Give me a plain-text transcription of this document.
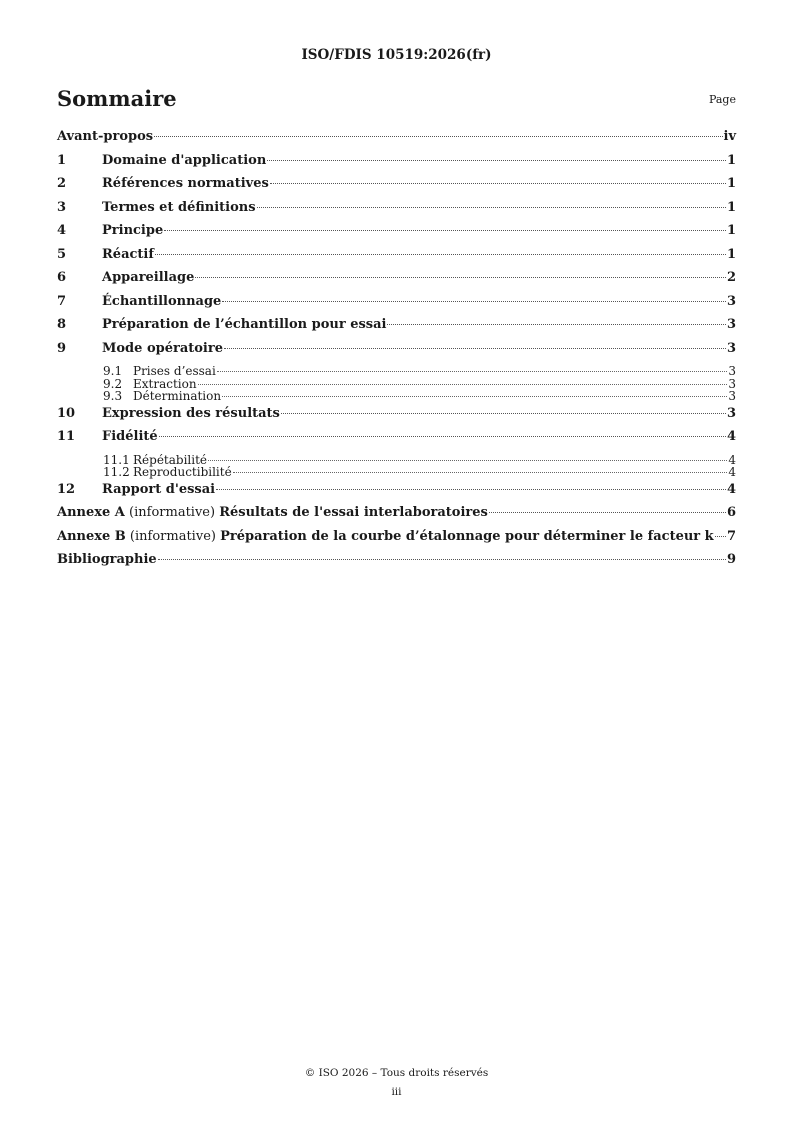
ISO/FDIS 10519:2026(fr)
Sommaire	Page
Avant-propos	iv
1	Domaine d'application	1
2	Références normatives	1
3	Termes et définitions	1
4	Principe	1
5	Réactif	1
6	Appareillage	2
7	Échantillonnage	3
8	Préparation de l’échantillon pour essai	3
9	Mode opératoire	3
9.1 Prises d’essai	3
9.2 Extraction	3
9.3 Détermination	3
10	Expression des résultats	3
11	Fidélité	4
11.1 Répétabilité	4
11.2 Reproductibilité	4
12	Rapport d'essai	4
Annexe A (informative) Résultats de l'essai interlaboratoires	6
Annexe B (informative) Préparation de la courbe d’étalonnage pour déterminer le facteur k 7
Bibliographie	9
© ISO 2026 – Tous droits réservés
iii
